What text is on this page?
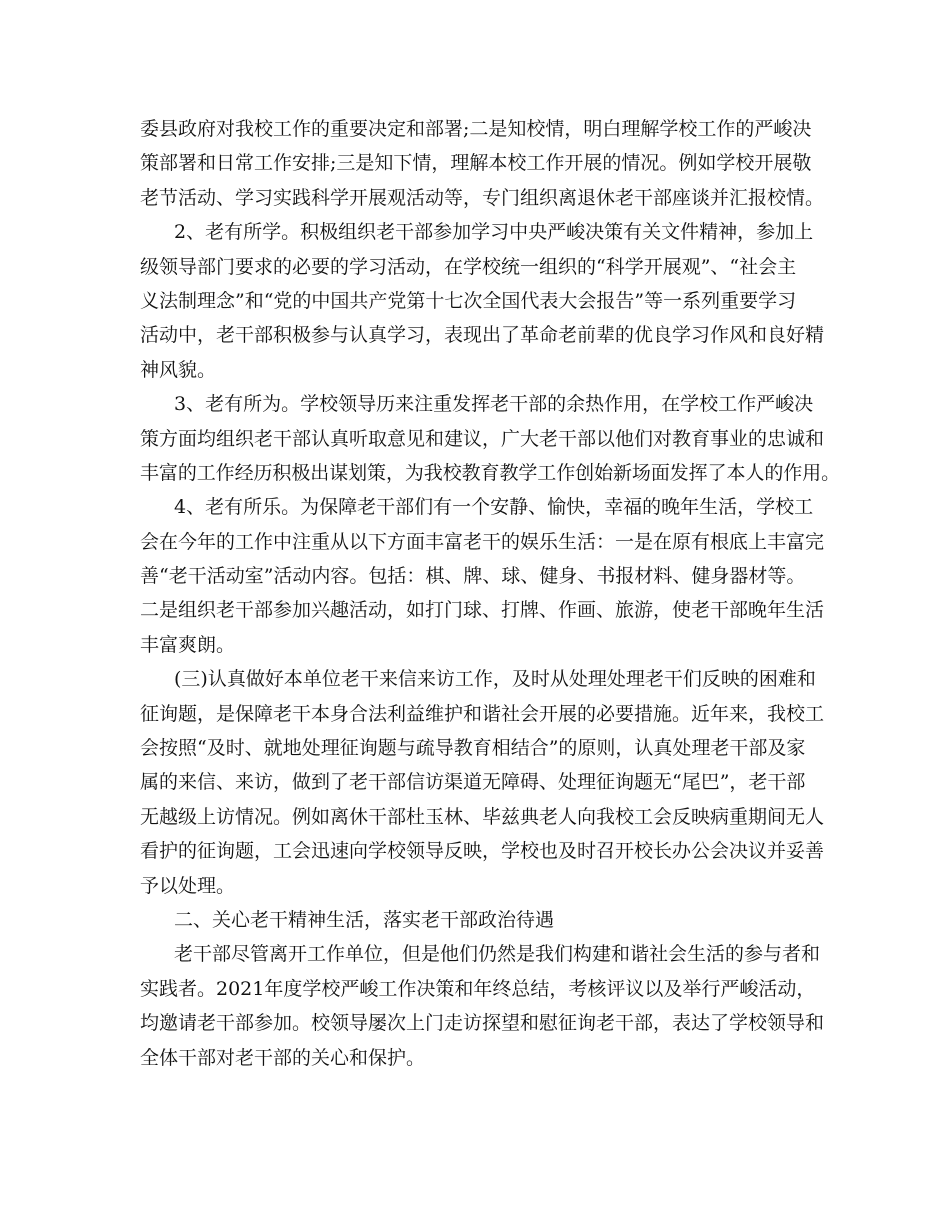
委县政府对我校工作的重要决定和部署;二是知校情，明白理解学校工作的严峻决
策部署和日常工作安排;三是知下情，理解本校工作开展的情况。例如学校开展敬
老节活动、学习实践科学开展观活动等，专门组织离退休老干部座谈并汇报校情。
2、老有所学。积极组织老干部参加学习中央严峻决策有关文件精神，参加上
级领导部门要求的必要的学习活动，在学校统一组织的“科学开展观”、“社会主
义法制理念”和“党的中国共产党第十七次全国代表大会报告”等一系列重要学习
活动中，老干部积极参与认真学习，表现出了革命老前辈的优良学习作风和良好精
神风貌。
3、老有所为。学校领导历来注重发挥老干部的余热作用，在学校工作严峻决
策方面均组织老干部认真听取意见和建议，广大老干部以他们对教育事业的忠诚和
丰富的工作经历积极出谋划策，为我校教育教学工作创始新场面发挥了本人的作用。
4、老有所乐。为保障老干部们有一个安静、愉快，幸福的晚年生活，学校工
会在今年的工作中注重从以下方面丰富老干的娱乐生活：一是在原有根底上丰富完
善“老干活动室”活动内容。包括：棋、牌、球、健身、书报材料、健身器材等。
二是组织老干部参加兴趣活动，如打门球、打牌、作画、旅游，使老干部晚年生活
丰富爽朗。
(三)认真做好本单位老干来信来访工作，及时从处理处理老干们反映的困难和
征询题，是保障老干本身合法利益维护和谐社会开展的必要措施。近年来，我校工
会按照“及时、就地处理征询题与疏导教育相结合”的原则，认真处理老干部及家
属的来信、来访，做到了老干部信访渠道无障碍、处理征询题无“尾巴”，老干部
无越级上访情况。例如离休干部杜玉林、毕兹典老人向我校工会反映病重期间无人
看护的征询题，工会迅速向学校领导反映，学校也及时召开校长办公会决议并妥善
予以处理。
二、关心老干精神生活，落实老干部政治待遇
老干部尽管离开工作单位，但是他们仍然是我们构建和谐社会生活的参与者和
实践者。2021年度学校严峻工作决策和年终总结，考核评议以及举行严峻活动，
均邀请老干部参加。校领导屡次上门走访探望和慰征询老干部，表达了学校领导和
全体干部对老干部的关心和保护。
